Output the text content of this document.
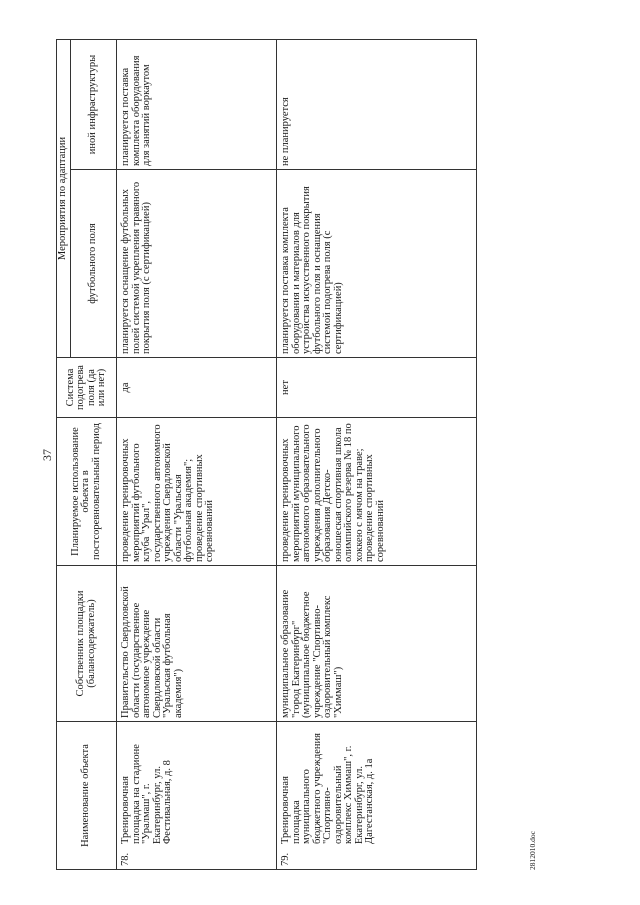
37
Наименование объекта	Собственник площадки (балансодержатель)	Планируемое использование объекта в постсоревновательный период	Система подогрева поля (да или нет)	Мероприятия по адаптации	
				футбольного поля	иной инфраструктуры
78.Тренировочная площадка на стадионе "Уралмаш", г. Екатеринбург, ул. Фестивальная, д. 8	Правительство Свердловской области (государственное автономное учреждение Свердловской области "Уральская футбольная академия")	проведение тренировочных мероприятий футбольного клуба "Урал", государственного автономного учреждения Свердловской области "Уральская футбольная академия"; проведение спортивных соревнований	да	планируется оснащение футбольных полей системой укрепления травяного покрытия поля (с сертификацией)	планируется поставка комплекта оборудования для занятий воркаутом
79.Тренировочная площадка муниципального бюджетного учреждения "Спортивно-оздоровительный комплекс Химмаш", г. Екатеринбург, ул. Дагестанская, д. 1а	муниципальное образование "город Екатеринбург" (муниципальное бюджетное учреждение "Спортивно-оздоровительный комплекс "Химмаш")	проведение тренировочных мероприятий муниципального автономного образовательного учреждения дополнительного образования Детско-юношеская спортивная школа олимпийского резерва № 18 по хоккею с мячом на траве; проведение спортивных соревнований	нет	планируется поставка комплекта оборудования и материалов для устройства искусственного покрытия футбольного поля и оснащения системой подогрева поля (с сертификацией)	не планируется
2812010.doc
